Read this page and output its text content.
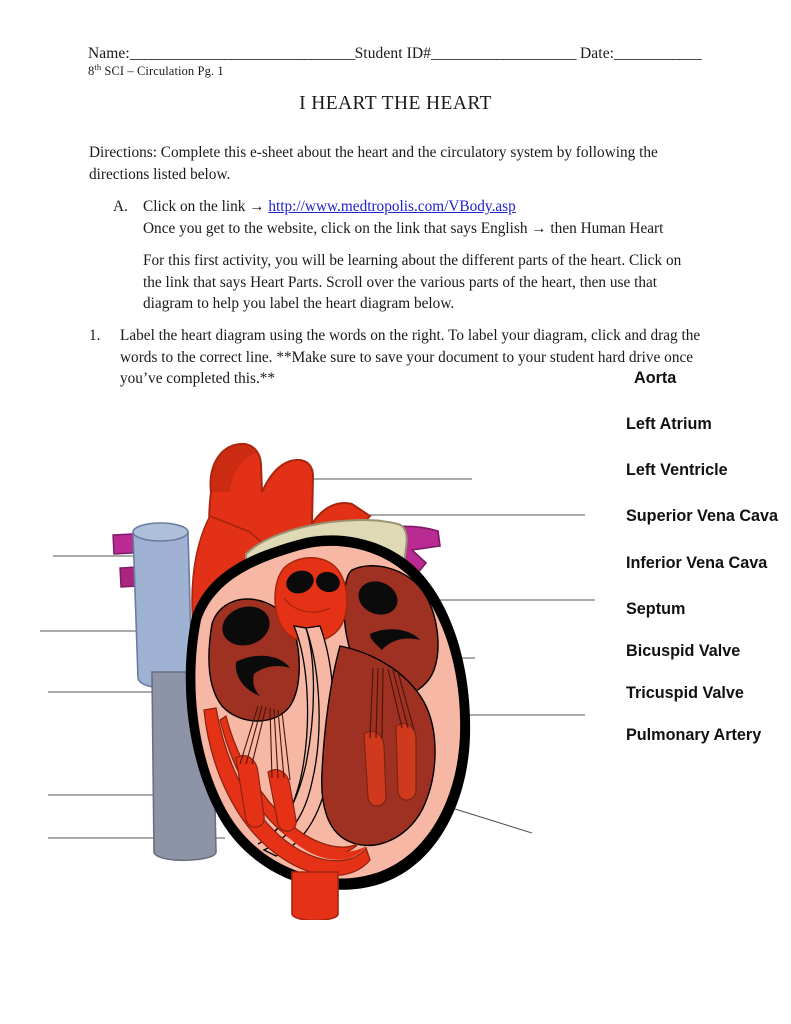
Name:_______________________________Student ID#____________________ Date:____________
8th SCI – Circulation Pg. 1
I HEART THE HEART
Directions: Complete this e-sheet about the heart and the circulatory system by following the directions listed below.
A. Click on the link → http://www.medtropolis.com/VBody.asp
Once you get to the website, click on the link that says English → then Human Heart
For this first activity, you will be learning about the different parts of the heart. Click on the link that says Heart Parts. Scroll over the various parts of the heart, then use that diagram to help you label the heart diagram below.
1.	Label the heart diagram using the words on the right. To label your diagram, click and drag the words to the correct line. **Make sure to save your document to your student hard drive once you’ve completed this.**	Aorta
Left Atrium
Left Ventricle
Superior Vena Cava
Inferior Vena Cava
Septum
Bicuspid Valve
Tricuspid Valve
Pulmonary Artery
